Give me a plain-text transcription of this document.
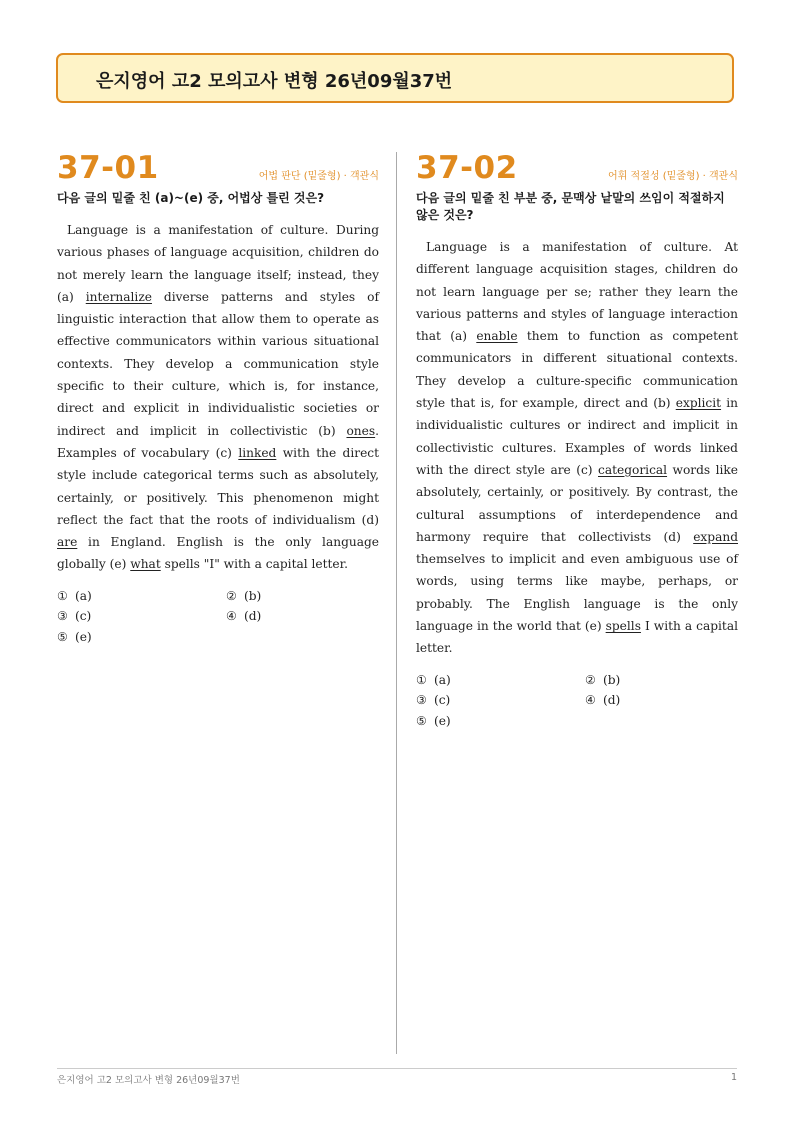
은지영어 고2 모의고사 변형 26년09월37번
37-01	어법 판단 (밑줄형) · 객관식
다음 글의 밑줄 친 (a)~(e) 중, 어법상 틀린 것은?
Language is a manifestation of culture. During various phases of language acquisition, children do not merely learn the language itself; instead, they (a) internalize diverse patterns and styles of linguistic interaction that allow them to operate as effective communicators within various situational contexts. They develop a communication style specific to their culture, which is, for instance, direct and explicit in individualistic societies or indirect and implicit in collectivistic (b) ones. Examples of vocabulary (c) linked with the direct style include categorical terms such as absolutely, certainly, or positively. This phenomenon might reflect the fact that the roots of individualism (d) are in England. English is the only language globally (e) what spells "I" with a capital letter.
① (a)	② (b)
③ (c)	④ (d)
⑤ (e)
37-02	어휘 적절성 (밑줄형) · 객관식
다음 글의 밑줄 친 부분 중, 문맥상 낱말의 쓰임이 적절하지 않은 것은?
Language is a manifestation of culture. At different language acquisition stages, children do not learn language per se; rather they learn the various patterns and styles of language interaction that (a) enable them to function as competent communicators in different situational contexts. They develop a culture-specific communication style that is, for example, direct and (b) explicit in individualistic cultures or indirect and implicit in collectivistic cultures. Examples of words linked with the direct style are (c) categorical words like absolutely, certainly, or positively. By contrast, the cultural assumptions of interdependence and harmony require that collectivists (d) expand themselves to implicit and even ambiguous use of words, using terms like maybe, perhaps, or probably. The English language is the only language in the world that (e) spells I with a capital letter.
① (a)	② (b)
③ (c)	④ (d)
⑤ (e)
은지영어 고2 모의고사 변형 26년09월37번	1
